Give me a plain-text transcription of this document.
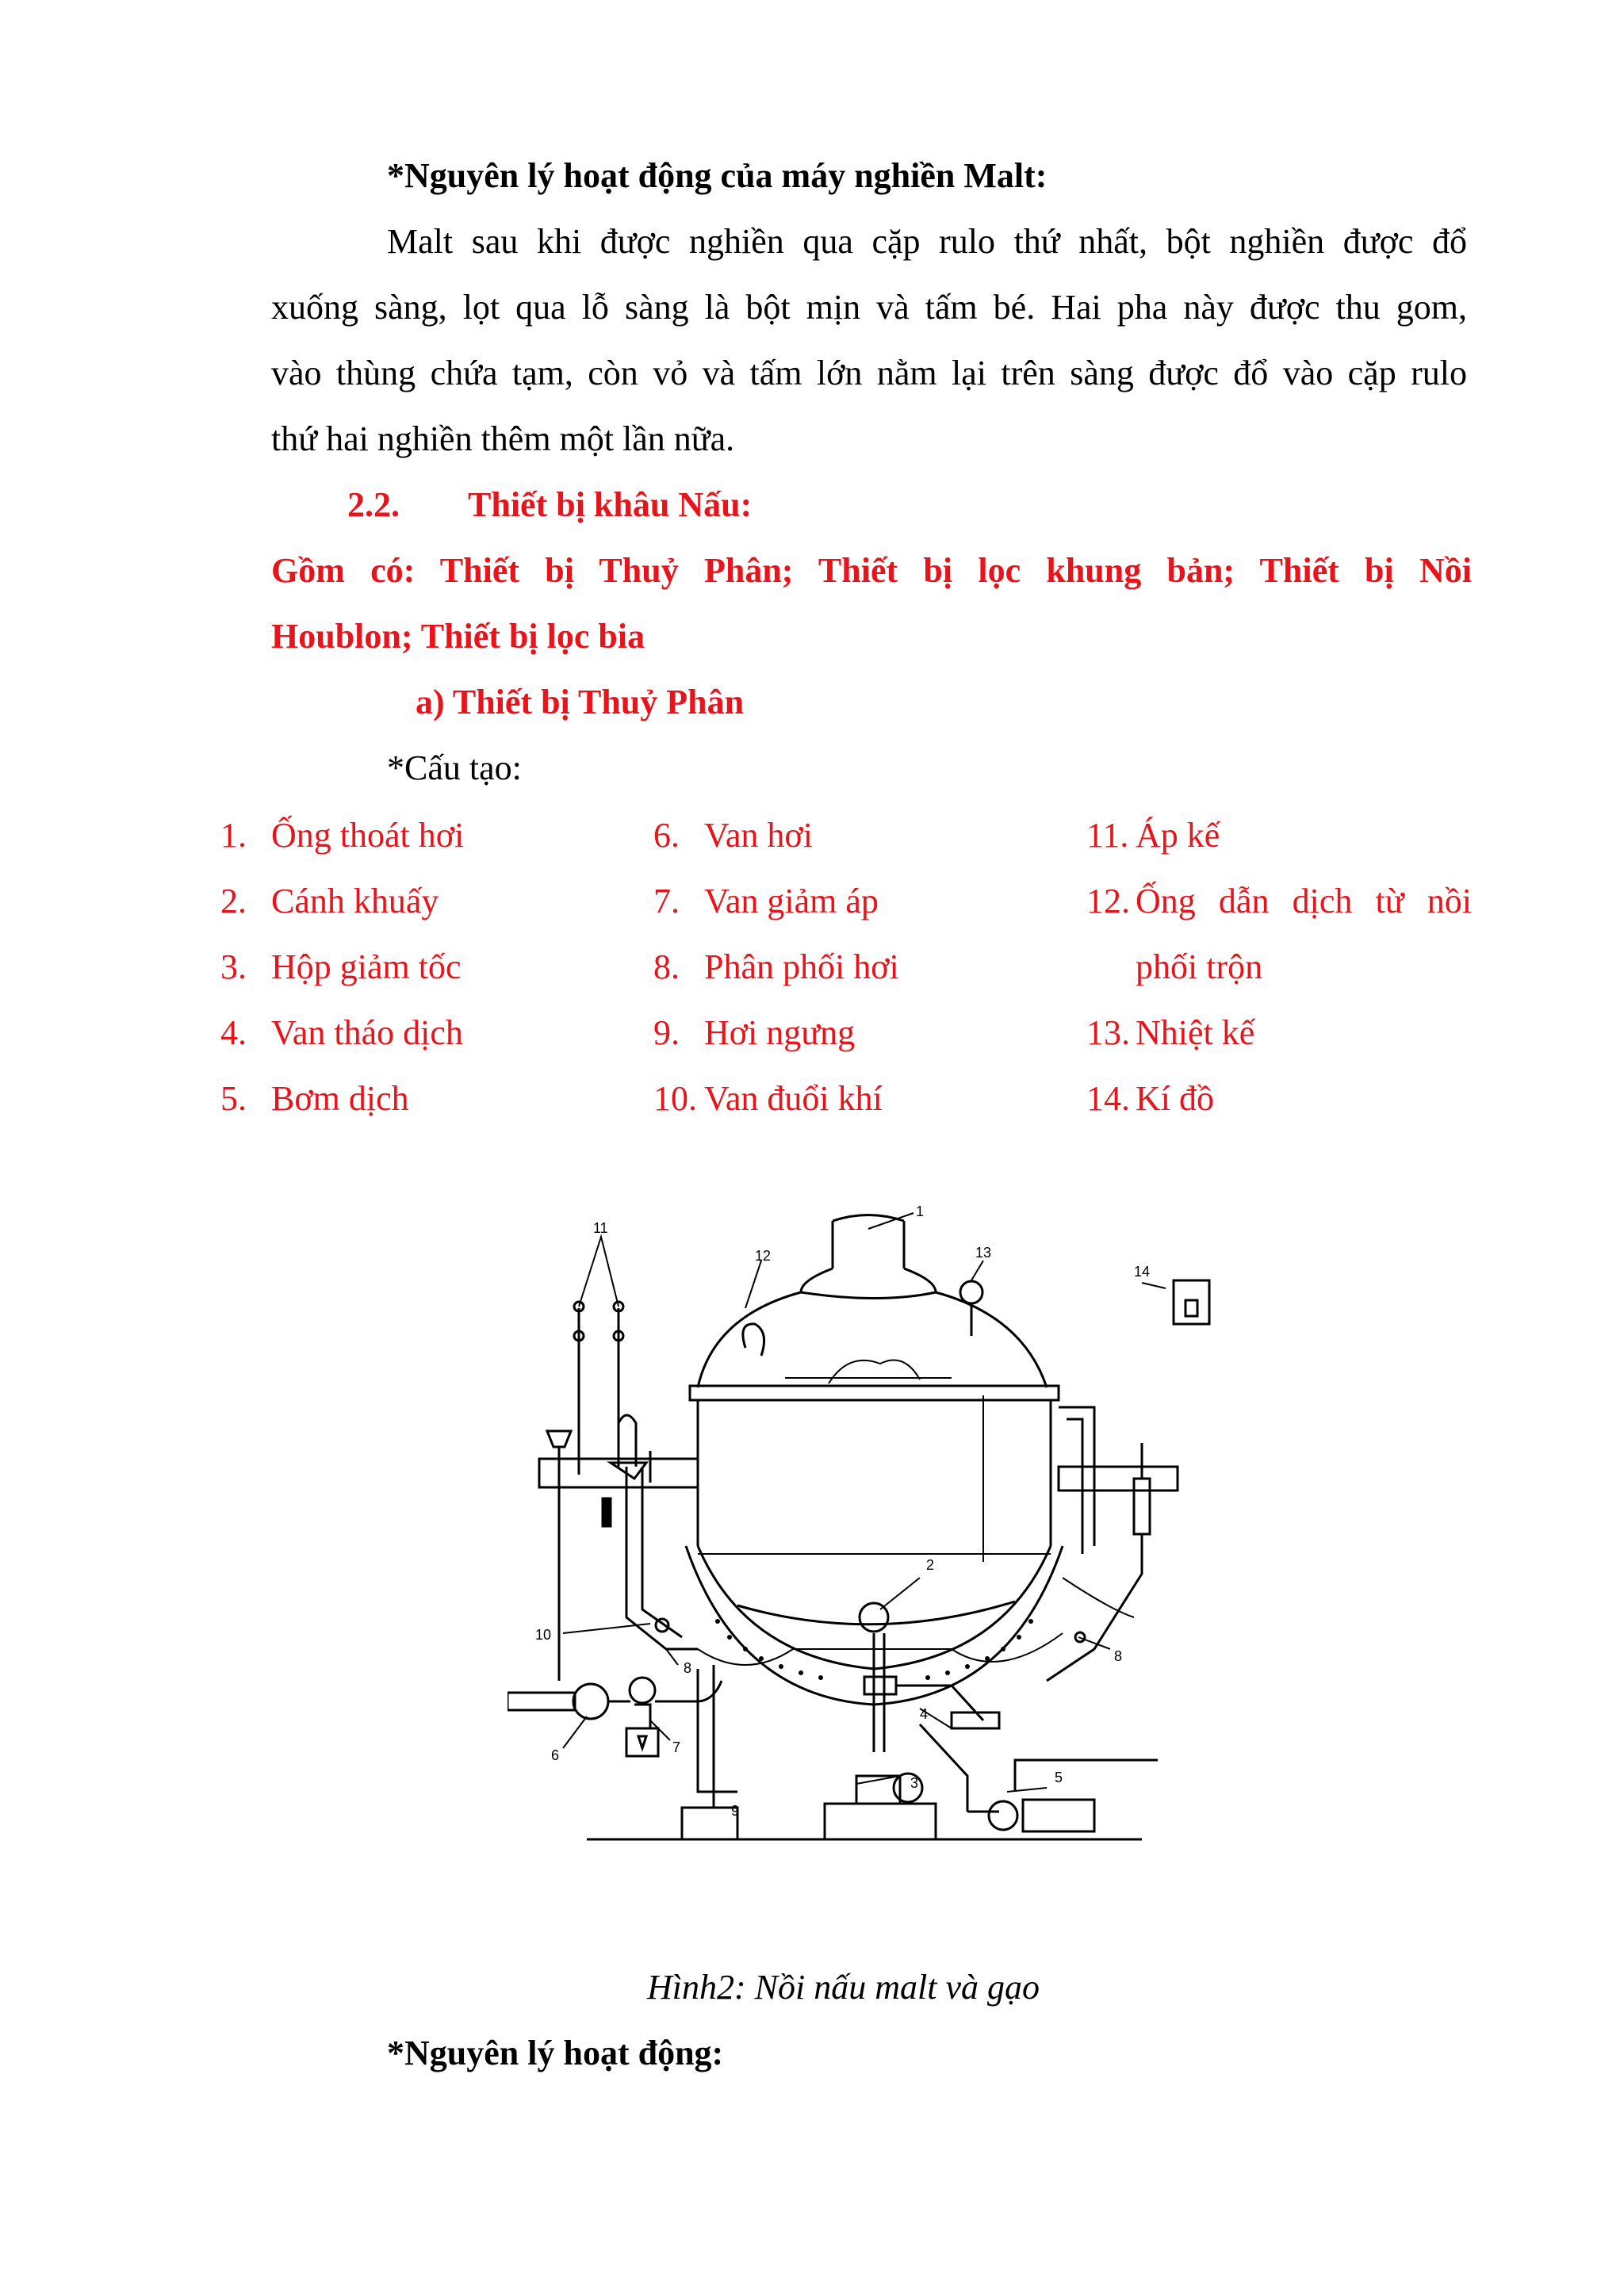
*Nguyên lý hoạt động của máy nghiền Malt:
Malt sau khi được nghiền qua cặp rulo thứ nhất, bột nghiền được đổ
xuống sàng, lọt qua lỗ sàng là bột mịn và tấm bé. Hai pha này được thu gom,
vào thùng chứa tạm, còn vỏ và tấm lớn nằm lại trên sàng được đổ vào cặp rulo
thứ hai nghiền thêm một lần nữa.
2.2. Thiết bị khâu Nấu:
Gồm có: Thiết bị Thuỷ Phân; Thiết bị lọc khung bản; Thiết bị Nồi
Houblon; Thiết bị lọc bia
a) Thiết bị Thuỷ Phân
*Cấu tạo:
1. Ống thoát hơi
2. Cánh khuấy
3. Hộp giảm tốc
4. Van tháo dịch
5. Bơm dịch
6. Van hơi
7. Van giảm áp
8. Phân phối hơi
9. Hơi ngưng
10. Van đuổi khí
11. Áp kế
12. Ống dẫn dịch từ nồi
phối trộn
13. Nhiệt kế
14. Kí đồ
1
2
3
4
5
6	7
8
8
9
10
11
12	13
14
Hình2: Nồi nấu malt và gạo
*Nguyên lý hoạt động:
